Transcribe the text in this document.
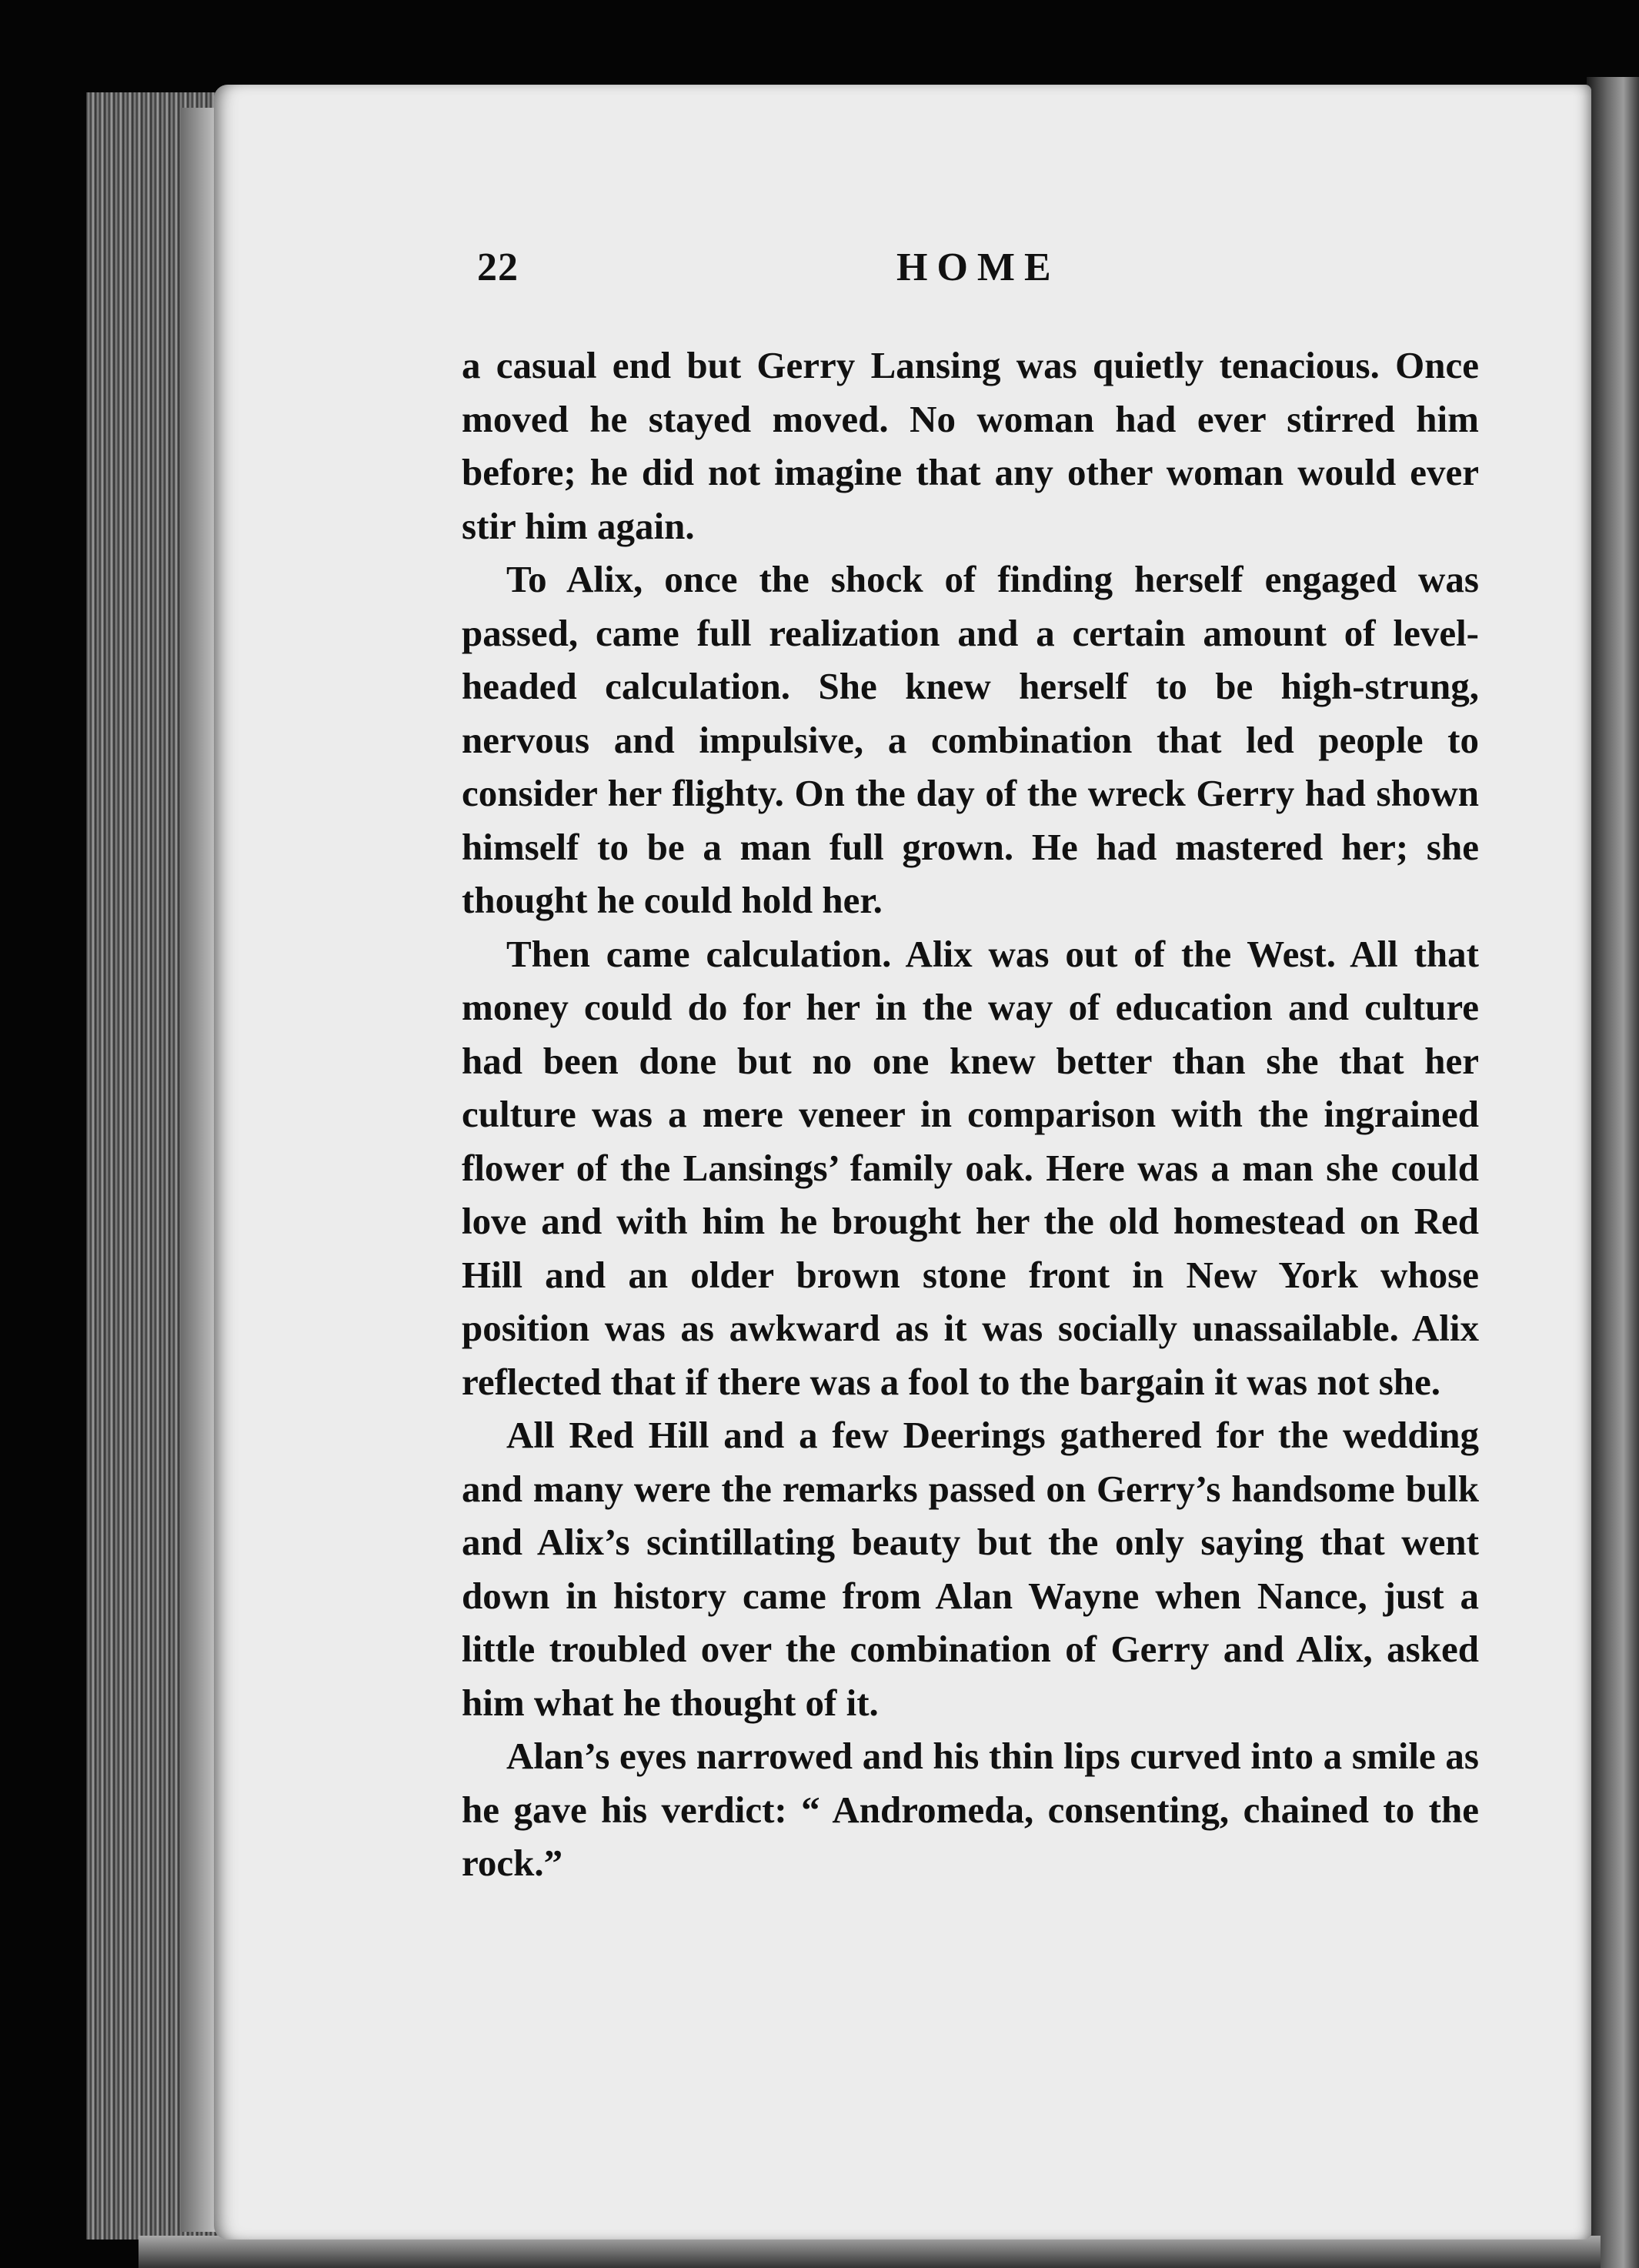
22	HOME

a casual end but Gerry Lansing was quietly tenacious. Once moved he stayed moved. No woman had ever stirred him before; he did not imagine that any other woman would ever stir him again.

To Alix, once the shock of finding herself engaged was passed, came full realization and a certain amount of level-headed calculation. She knew herself to be high-strung, nervous and impulsive, a combination that led people to consider her flighty. On the day of the wreck Gerry had shown himself to be a man full grown. He had mastered her; she thought he could hold her.

Then came calculation. Alix was out of the West. All that money could do for her in the way of education and culture had been done but no one knew better than she that her culture was a mere veneer in comparison with the ingrained flower of the Lansings’ family oak. Here was a man she could love and with him he brought her the old homestead on Red Hill and an older brown stone front in New York whose position was as awkward as it was socially unassailable. Alix reflected that if there was a fool to the bargain it was not she.

All Red Hill and a few Deerings gathered for the wedding and many were the remarks passed on Gerry’s handsome bulk and Alix’s scintillating beauty but the only saying that went down in history came from Alan Wayne when Nance, just a little troubled over the combination of Gerry and Alix, asked him what he thought of it.

Alan’s eyes narrowed and his thin lips curved into a smile as he gave his verdict: “ Andromeda, consenting, chained to the rock.”
